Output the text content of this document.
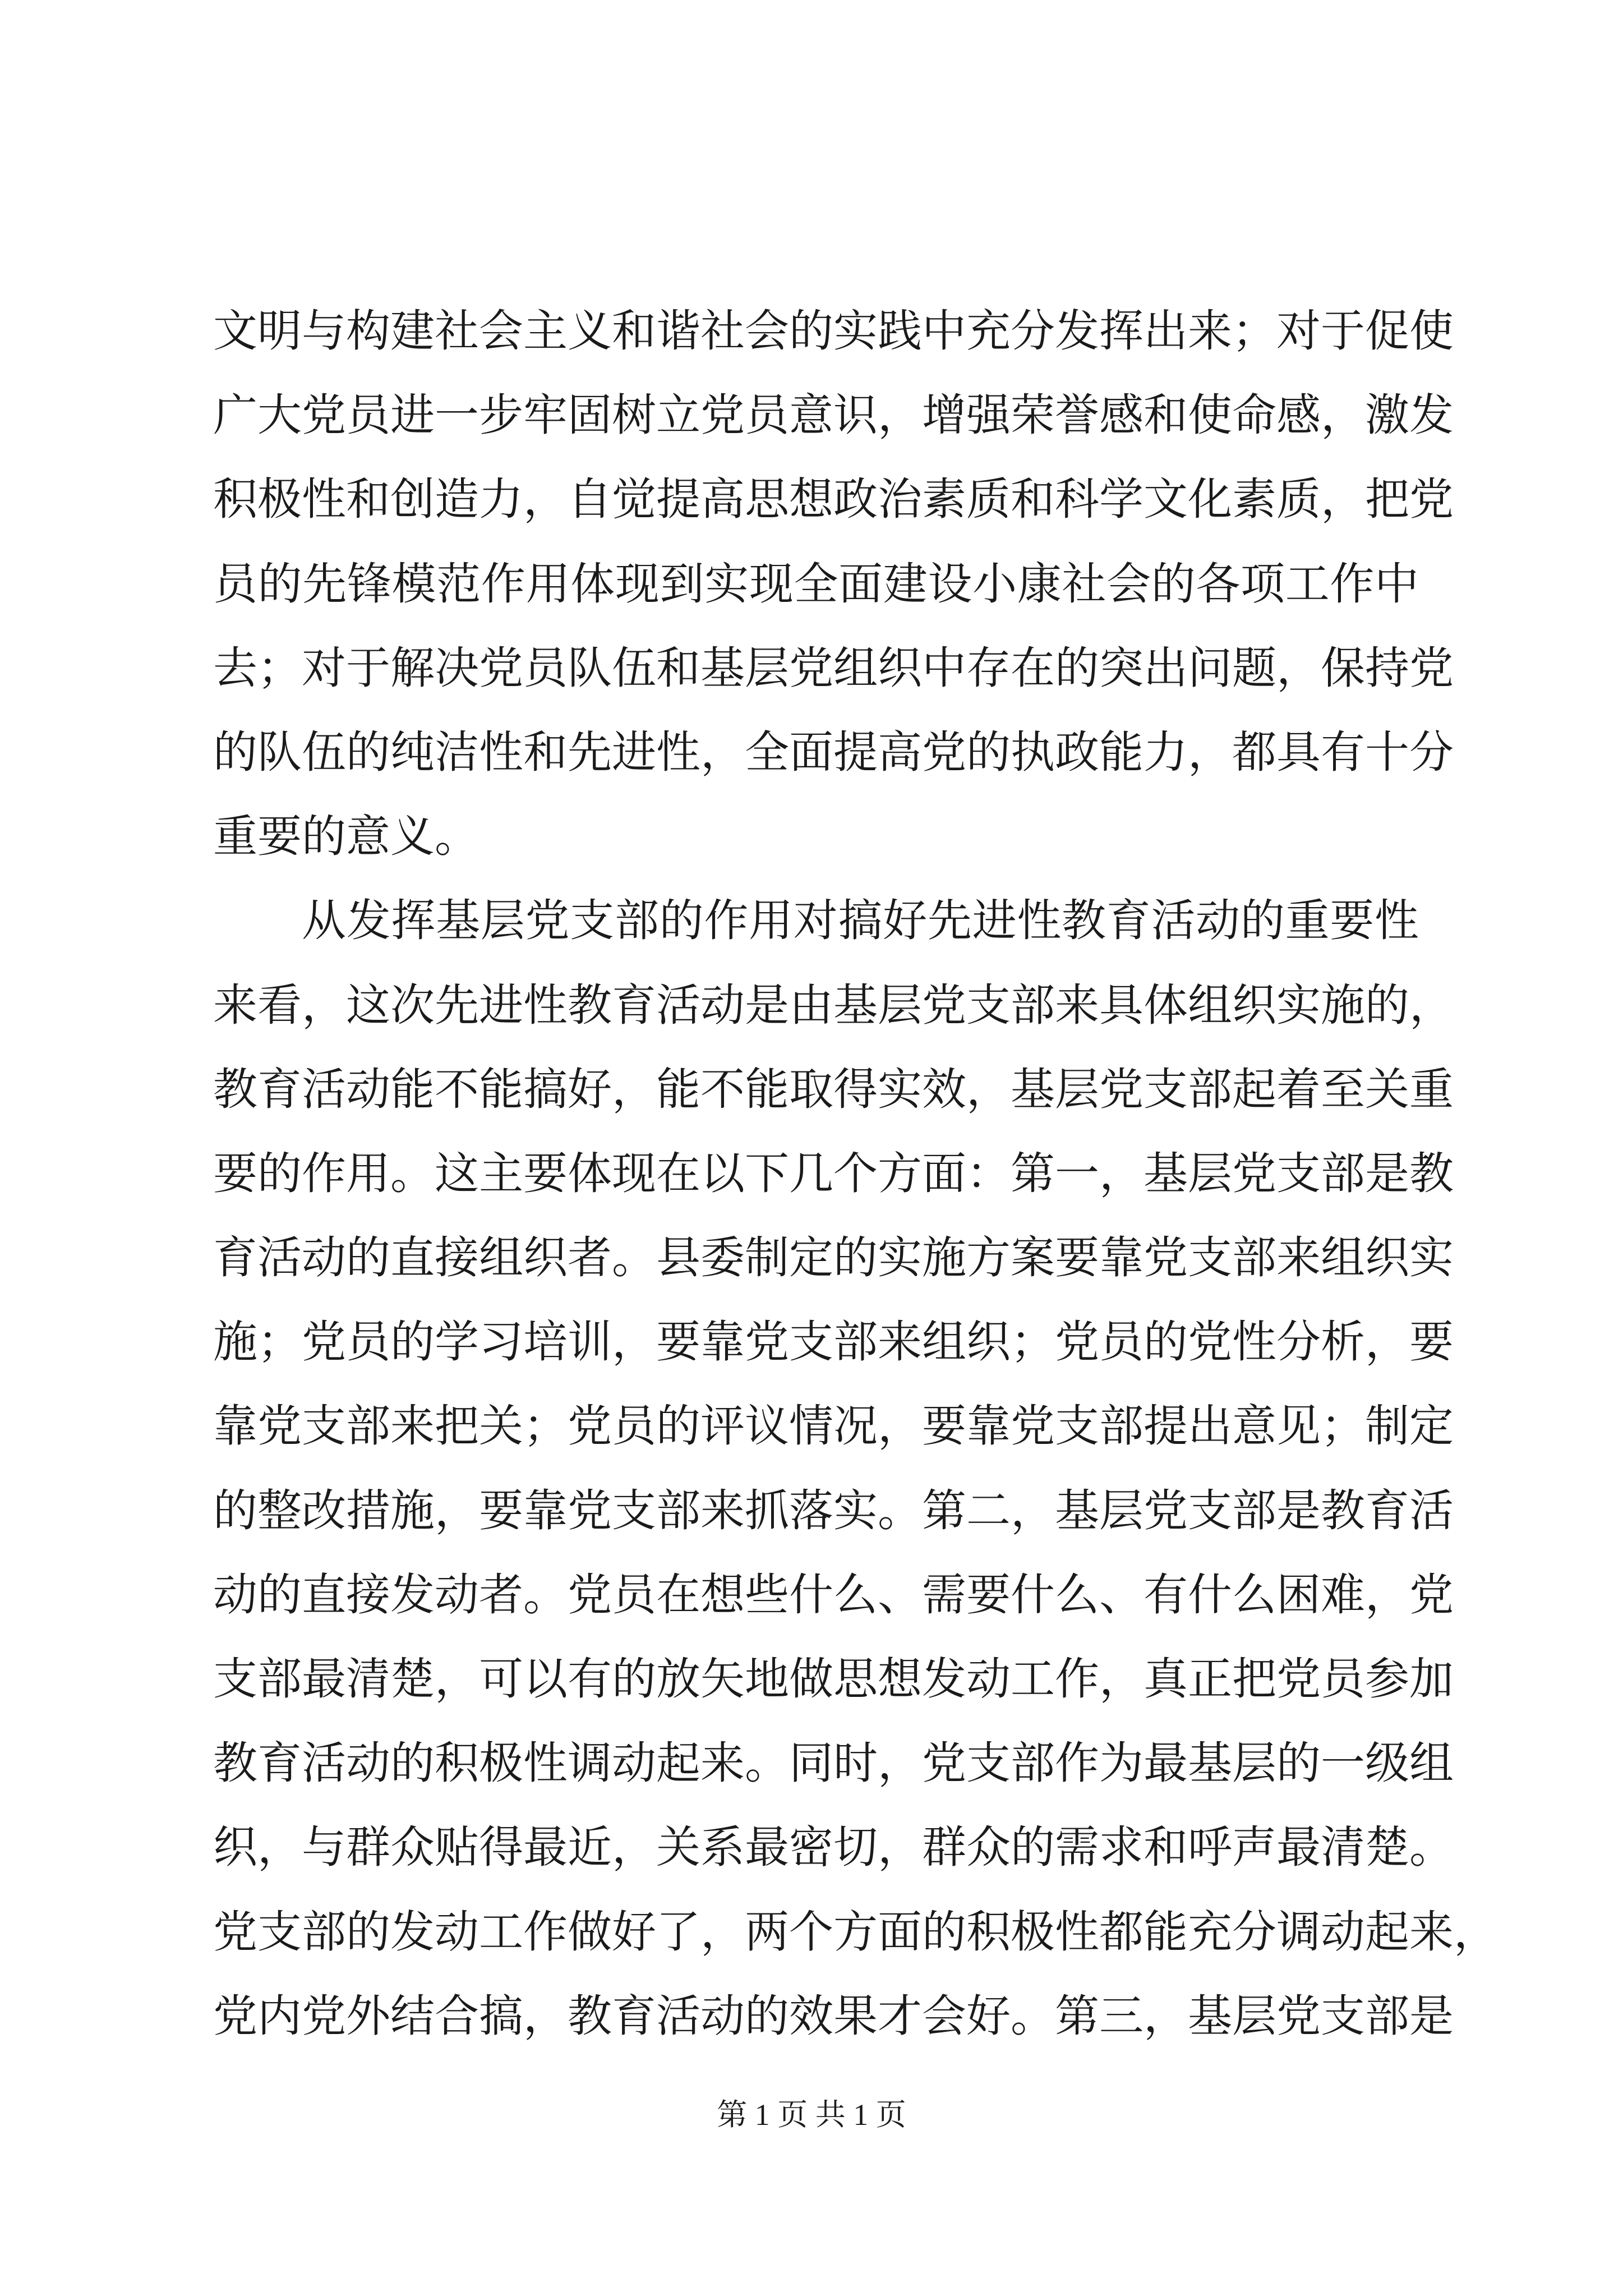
文明与构建社会主义和谐社会的实践中充分发挥出来；对于促使
广大党员进一步牢固树立党员意识，增强荣誉感和使命感，激发
积极性和创造力，自觉提高思想政治素质和科学文化素质，把党
员的先锋模范作用体现到实现全面建设小康社会的各项工作中
去；对于解决党员队伍和基层党组织中存在的突出问题，保持党
的队伍的纯洁性和先进性，全面提高党的执政能力，都具有十分
重要的意义。
从发挥基层党支部的作用对搞好先进性教育活动的重要性
来看，这次先进性教育活动是由基层党支部来具体组织实施的，
教育活动能不能搞好，能不能取得实效，基层党支部起着至关重
要的作用。这主要体现在以下几个方面：第一，基层党支部是教
育活动的直接组织者。县委制定的实施方案要靠党支部来组织实
施；党员的学习培训，要靠党支部来组织；党员的党性分析，要
靠党支部来把关；党员的评议情况，要靠党支部提出意见；制定
的整改措施，要靠党支部来抓落实。第二，基层党支部是教育活
动的直接发动者。党员在想些什么、需要什么、有什么困难，党
支部最清楚，可以有的放矢地做思想发动工作，真正把党员参加
教育活动的积极性调动起来。同时，党支部作为最基层的一级组
织，与群众贴得最近，关系最密切，群众的需求和呼声最清楚。
党支部的发动工作做好了，两个方面的积极性都能充分调动起来，
党内党外结合搞，教育活动的效果才会好。第三，基层党支部是
第 1 页 共 1 页
